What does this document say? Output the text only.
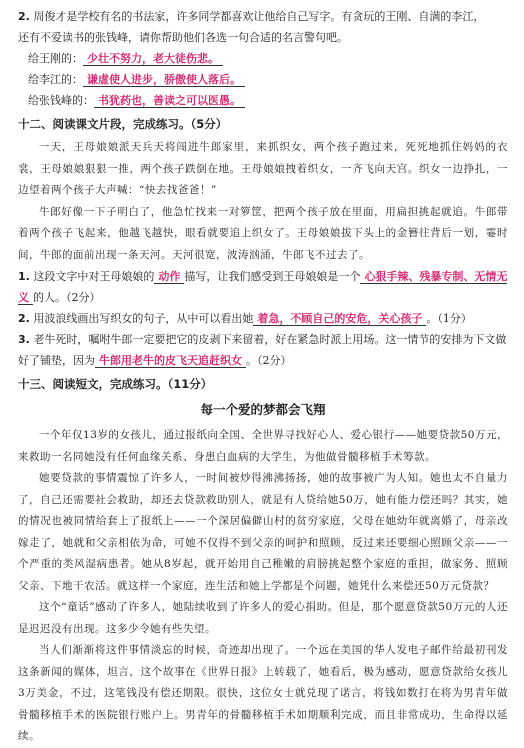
2. 周俊才是学校有名的书法家，许多同学都喜欢让他给自己写字。有贪玩的王刚、自满的李江，

还有不爱读书的张钱峰，请你帮助他们各选一句合适的名言警句吧。

给王刚的： 少壮不努力，老大徒伤悲。

给李江的： 谦虚使人进步，骄傲使人落后。

给张钱峰的： 书犹药也，善读之可以医愚。

十二、阅读课文片段，完成练习。（5分）

一天，王母娘娘派天兵天将闯进牛郎家里，来抓织女，两个孩子跑过来，死死地抓住妈妈的衣裳，王母娘娘狠狠一推，两个孩子跌倒在地。王母娘娘拽着织女，一齐飞向天宫。织女一边挣扎，一边望着两个孩子大声喊：“快去找爸爸！”

牛郎好像一下子明白了，他急忙找来一对箩筐，把两个孩子放在里面，用扁担挑起就追。牛郎带着两个孩子飞起来，他越飞越快，眼看就要追上织女了。王母娘娘拔下头上的金簪往背后一划，霎时间，牛郎的面前出现一条天河。天河很宽，波涛汹涌，牛郎飞不过去了。

1. 这段文字中对王母娘娘的 动作 描写，让我们感受到王母娘娘是一个 心狠手辣、残暴专制、无情无义 的人。（2分）

2. 用波浪线画出写织女的句子，从中可以看出她 着急，不顾自己的安危，关心孩子 。（1分）

3. 老牛死时，嘱咐牛郎一定要把它的皮剥下来留着，好在紧急时派上用场。这一情节的安排为下文做好了铺垫，因为 牛郎用老牛的皮飞天追赶织女 。（2分）

十三、阅读短文，完成练习。（11分）
每一个爱的梦都会飞翔

一个年仅13岁的女孩儿，通过报纸向全国、全世界寻找好心人、爱心银行——她要贷款50万元，来救助一名同她没有任何血缘关系、身患白血病的大学生，为他做骨髓移植手术筹款。

她要贷款的事情震惊了许多人，一时间被炒得沸沸扬扬，她的故事被广为人知。她也太不自量力了，自己还需要社会救助，却还去贷款救助别人，就是有人贷给她50万，她有能力偿还吗？其实，她的情况也被同情给套上了报纸上——一个深居偏僻山村的贫穷家庭，父母在她幼年就离婚了，母亲改嫁走了，她就和父亲相依为命，可她不仅得不到父亲的呵护和照顾，反过来还要细心照顾父亲——一个严重的类风湿病患者。她从8岁起，就开始用自己稚嫩的肩膀挑起整个家庭的重担，做家务、照顾父亲、下地干农活。就这样一个家庭，连生活和她上学都是个问题，她凭什么来偿还50万元贷款？

这个“童话”感动了许多人，她陆续收到了许多人的爱心捐助。但是，那个愿意贷款50万元的人还是迟迟没有出现。这多少令她有些失望。

当人们渐渐将这件事情淡忘的时候，奇迹却出现了。一个远在美国的华人发电子邮件给最初刊发这条新闻的媒体，坦言，这个故事在《世界日报》上转载了，她看后，极为感动，愿意贷款给女孩儿3万美金，不过，这笔钱没有偿还期限。很快，这位女士就兑现了诺言，将钱如数打在将为男青年做骨髓移植手术的医院银行账户上。男青年的骨髓移植手术如期顺利完成，而且非常成功，生命得以延续。
